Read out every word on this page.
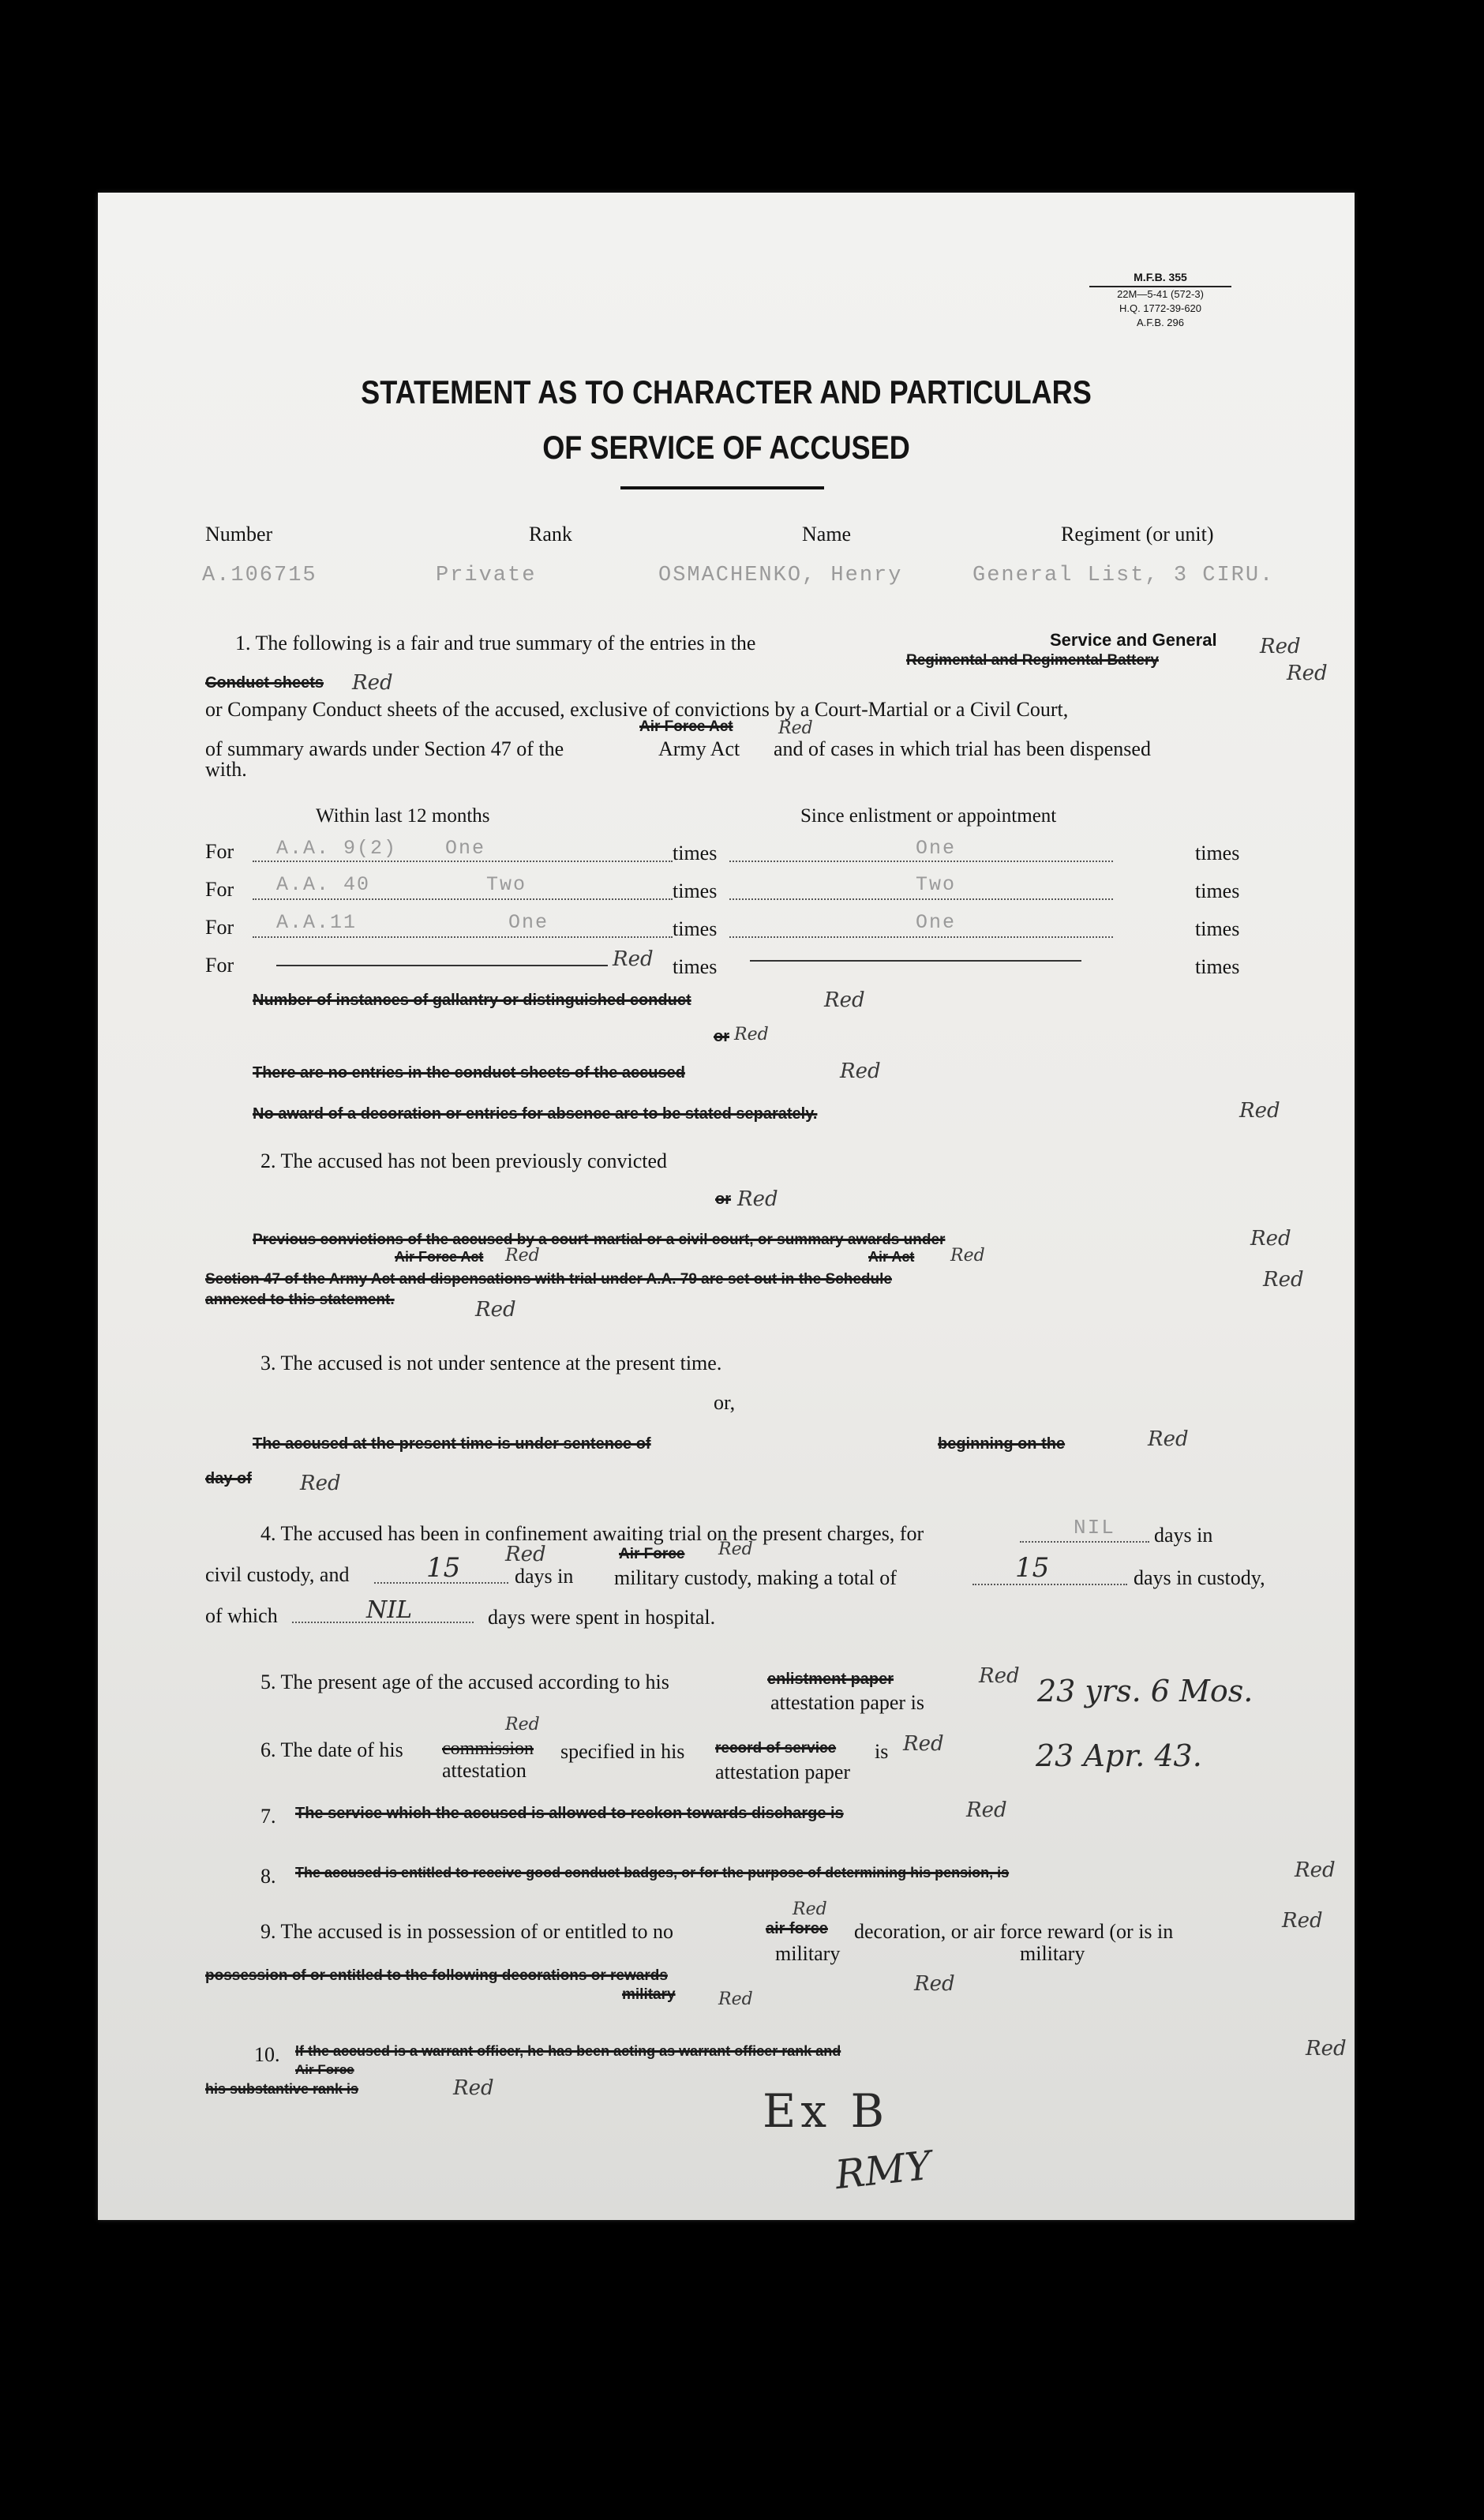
M.F.B. 355
22M—5-41 (572-3)
H.Q. 1772-39-620
A.F.B. 296
STATEMENT AS TO CHARACTER AND PARTICULARS
OF SERVICE OF ACCUSED
Number	Rank	Name	Regiment (or unit)
A.106715	Private	OSMACHENKO, Henry	General List, 3 CIRU.
1. The following is a fair and true summary of the entries in the	Service and General
Regimental and Regimental Battery
Red
Red
Conduct sheets Red
or Company Conduct sheets of the accused, exclusive of convictions by a Court-Martial or a Civil Court,
Air Force Act	Red
of summary awards under Section 47 of the	Army Act and of cases in which trial has been dispensed
with.
Within last 12 months	Since enlistment or appointment
For A.A. 9(2) One	times	One	times
For A.A. 40	Two	times	Two	times
For A.A.11	One	times	One	times
For	Red times	times
Number of instances of gallantry or distinguished conduct	Red
or Red
There are no entries in the conduct sheets of the accused	Red
No award of a decoration or entries for absence are to be stated separately.	Red
2. The accused has not been previously convicted
or Red
Previous convictions of the accused by a court-martial or a civil court, or summary awards under	Red
Air Force Act Red	Air Act Red
Section 47 of the Army Act and dispensations with trial under A.A. 79 are set out in the Schedule	Red
annexed to this statement.	Red
3. The accused is not under sentence at the present time.
or,
The accused at the present time is under sentence of	beginning on the	Red
day of Red
4. The accused has been in confinement awaiting trial on the present charges, for	NIL days in
civil custody, and	15 Red
days in
Air Force Red
military custody, making a total of	15	days in custody,
of which	NIL	days were spent in hospital.
5. The present age of the accused according to his	enlistment paper	Red
attestation paper is	23 yrs. 6 Mos.
6. The date of his commission
Red
attestation
specified in his record of service
attestation paper
is Red	23 Apr. 43.
7. The service which the accused is allowed to reckon towards discharge is	Red
8. The accused is entitled to receive good conduct badges, or for the purpose of determining his pension, is	Red
9. The accused is in possession of or entitled to no	air force
Red
decoration, or air force reward (or is in	Red
military	military
possession of or entitled to the following decorations or rewards	Red
military Red
10. If the accused is a warrant officer, he has been acting as warrant officer rank and	Red
Air Force
his substantive rank is	Red	Ex B
RMY
